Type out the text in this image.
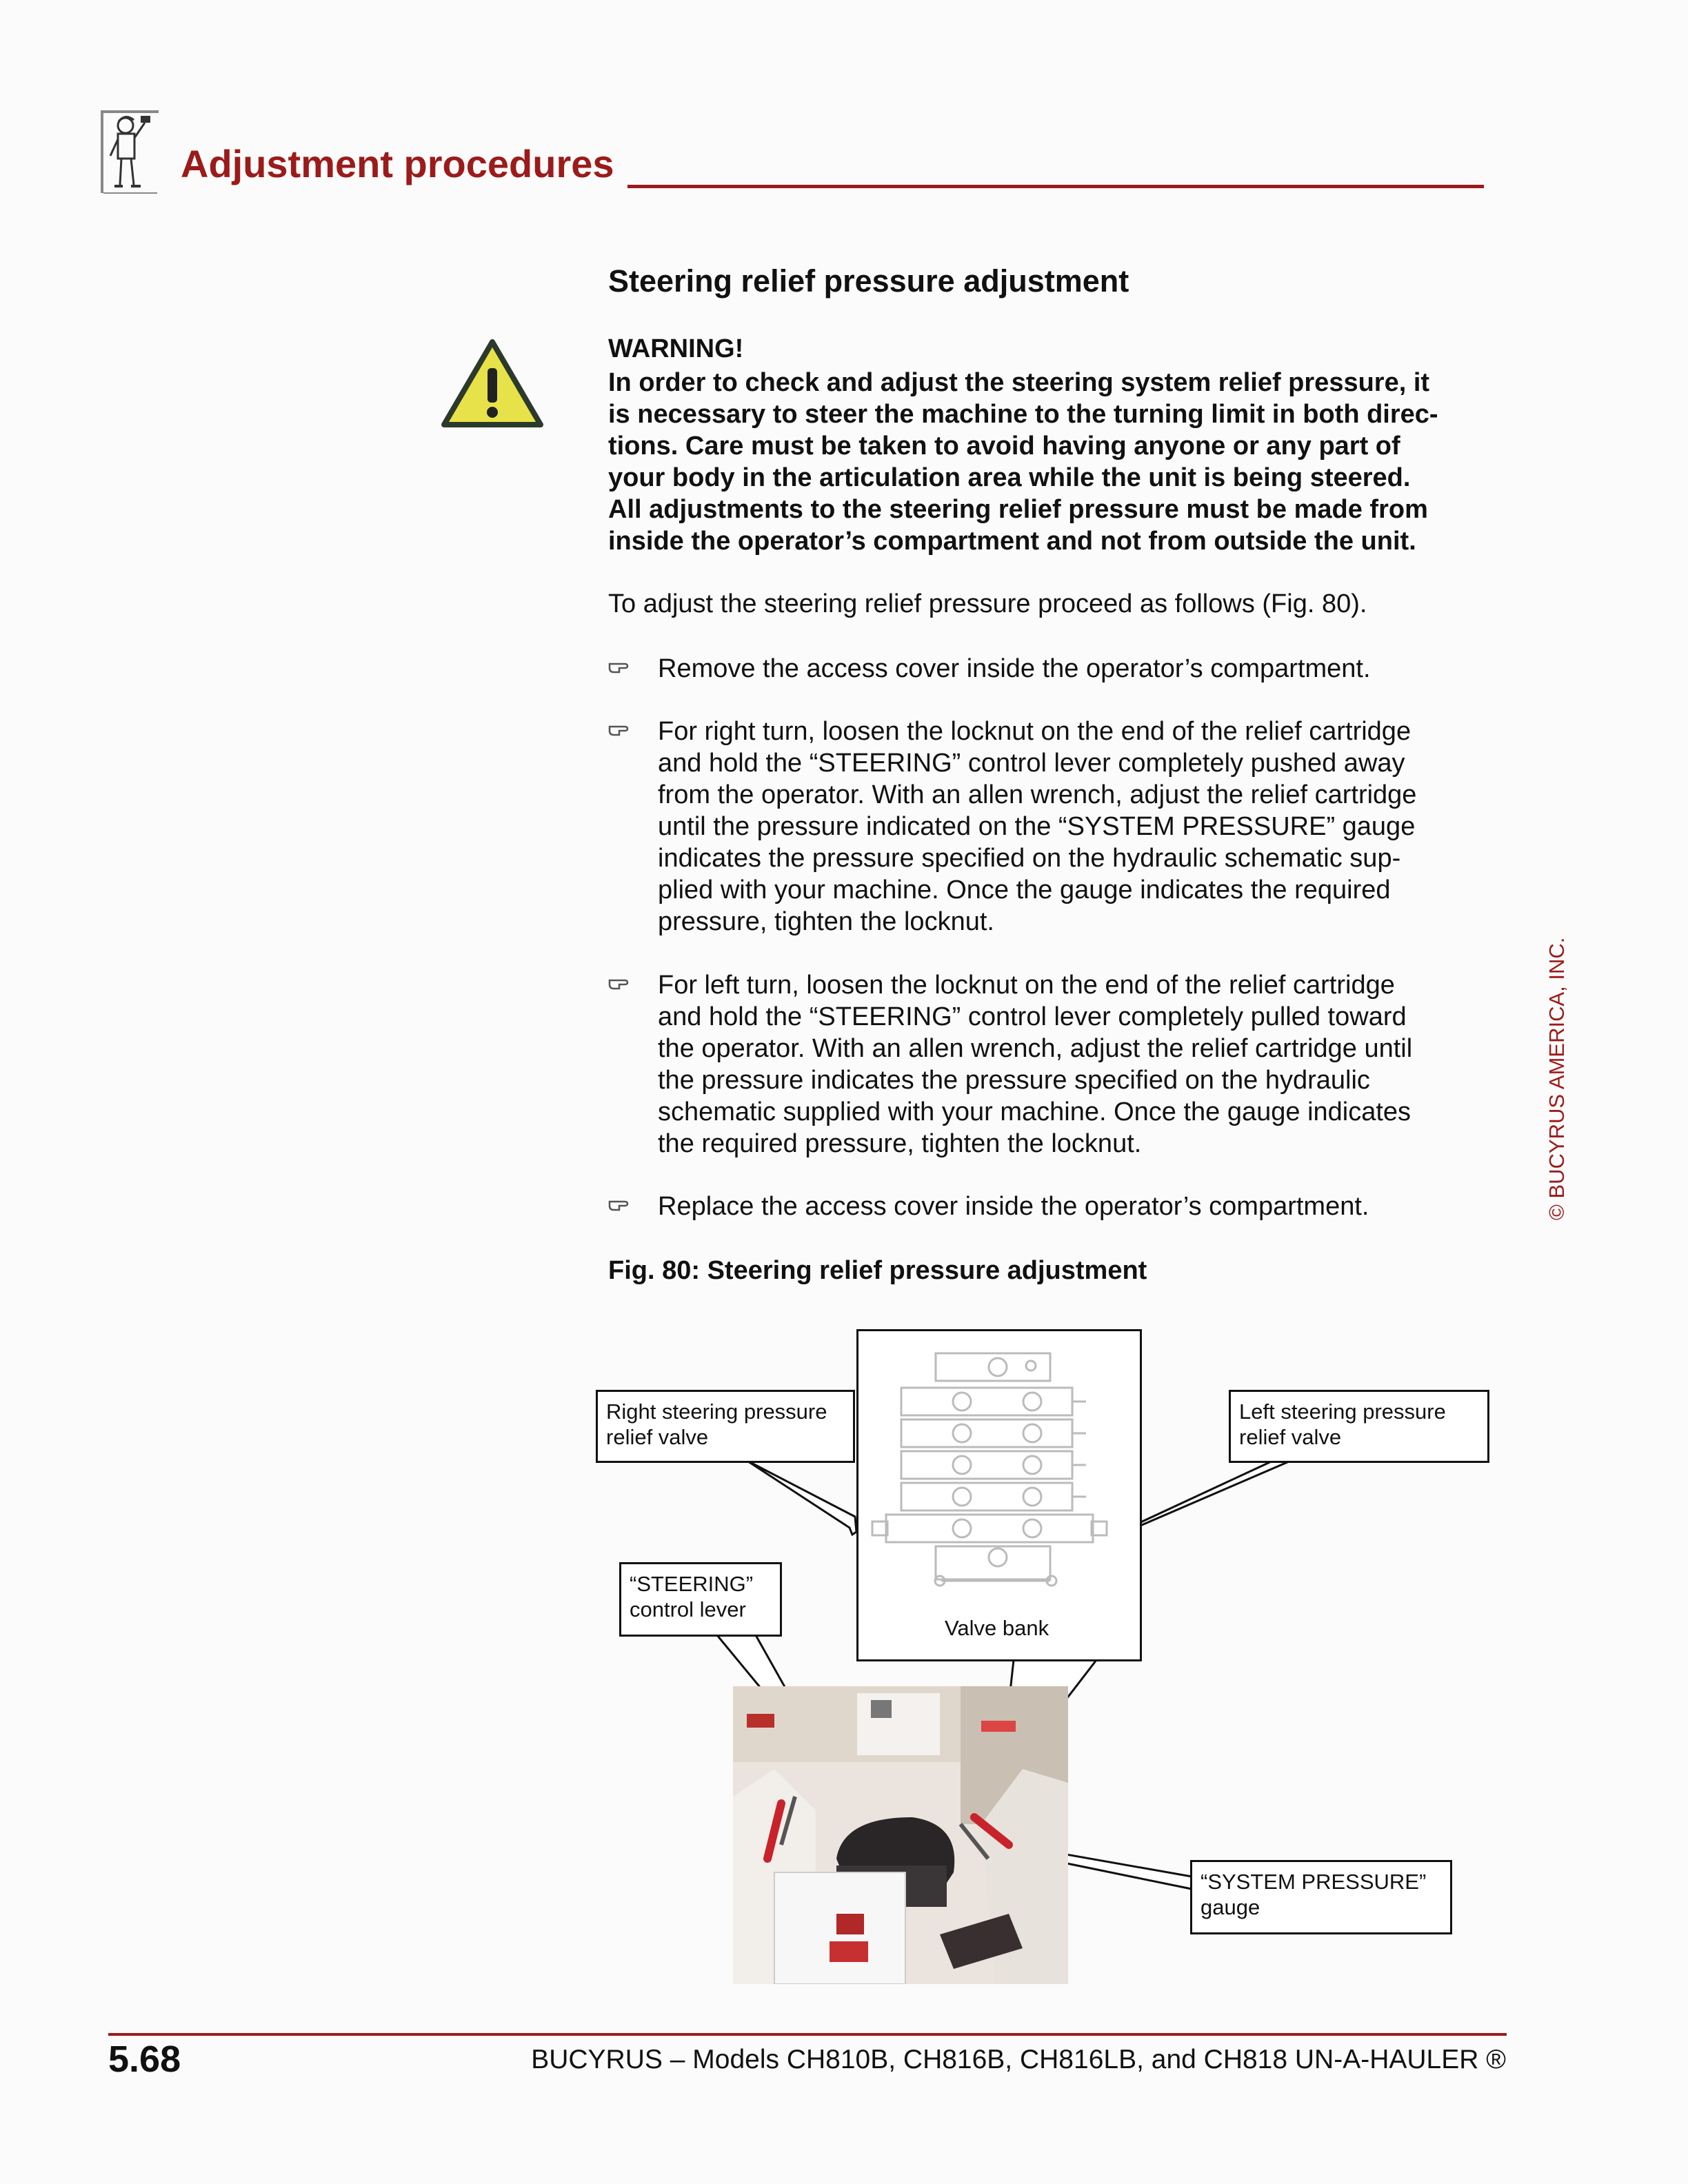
Adjustment procedures
Steering relief pressure adjustment
WARNING!
In order to check and adjust the steering system relief pressure, it
is necessary to steer the machine to the turning limit in both direc-
tions. Care must be taken to avoid having anyone or any part of
your body in the articulation area while the unit is being steered.
All adjustments to the steering relief pressure must be made from
inside the operator’s compartment and not from outside the unit.
To adjust the steering relief pressure proceed as follows (Fig. 80).
Remove the access cover inside the operator’s compartment.
For right turn, loosen the locknut on the end of the relief cartridge
and hold the “STEERING” control lever completely pushed away
from the operator. With an allen wrench, adjust the relief cartridge
until the pressure indicated on the “SYSTEM PRESSURE” gauge
indicates the pressure specified on the hydraulic schematic sup-
plied with your machine. Once the gauge indicates the required
pressure, tighten the locknut.
For left turn, loosen the locknut on the end of the relief cartridge
and hold the “STEERING” control lever completely pulled toward
the operator. With an allen wrench, adjust the relief cartridge until
the pressure indicates the pressure specified on the hydraulic
schematic supplied with your machine. Once the gauge indicates
the required pressure, tighten the locknut.
Replace the access cover inside the operator’s compartment.
Fig. 80: Steering relief pressure adjustment
Valve bank
Right steering pressure
relief valve
Left steering pressure
relief valve
“STEERING”
control lever
“SYSTEM PRESSURE”
gauge
© BUCYRUS AMERICA, INC.
5.68	BUCYRUS – Models CH810B, CH816B, CH816LB, and CH818 UN-A-HAULER ®
